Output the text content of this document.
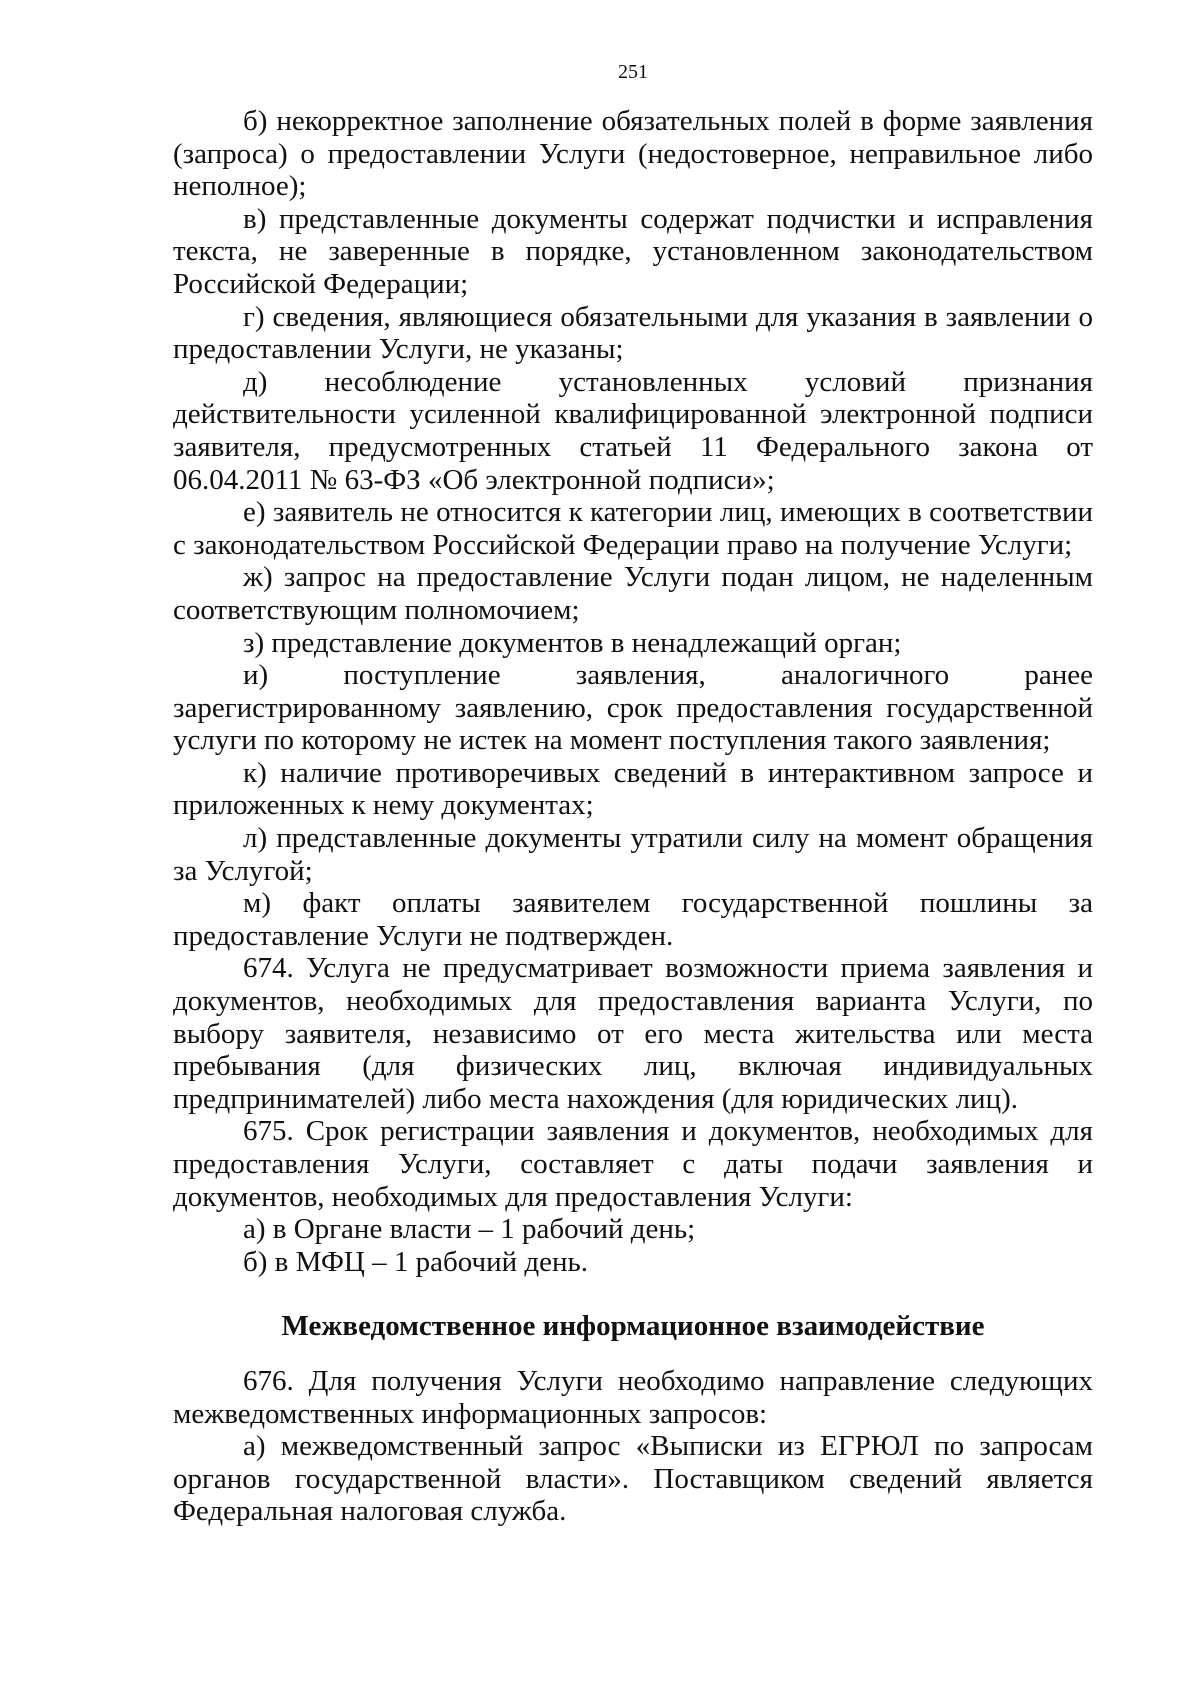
251

б) некорректное заполнение обязательных полей в форме заявления (запроса) о предоставлении Услуги (недостоверное, неправильное либо неполное);

в) представленные документы содержат подчистки и исправления текста, не заверенные в порядке, установленном законодательством Российской Федерации;

г) сведения, являющиеся обязательными для указания в заявлении о предоставлении Услуги, не указаны;

д) несоблюдение установленных условий признания действительности усиленной квалифицированной электронной подписи заявителя, предусмотренных статьей 11 Федерального закона от 06.04.2011 № 63-ФЗ «Об электронной подписи»;

е) заявитель не относится к категории лиц, имеющих в соответствии с законодательством Российской Федерации право на получение Услуги;

ж) запрос на предоставление Услуги подан лицом, не наделенным соответствующим полномочием;

з) представление документов в ненадлежащий орган;

и) поступление заявления, аналогичного ранее зарегистрированному заявлению, срок предоставления государственной услуги по которому не истек на момент поступления такого заявления;

к) наличие противоречивых сведений в интерактивном запросе и приложенных к нему документах;

л) представленные документы утратили силу на момент обращения за Услугой;

м) факт оплаты заявителем государственной пошлины за предоставление Услуги не подтвержден.

674. Услуга не предусматривает возможности приема заявления и документов, необходимых для предоставления варианта Услуги, по выбору заявителя, независимо от его места жительства или места пребывания (для физических лиц, включая индивидуальных предпринимателей) либо места нахождения (для юридических лиц).

675. Срок регистрации заявления и документов, необходимых для предоставления Услуги, составляет с даты подачи заявления и документов, необходимых для предоставления Услуги:

а) в Органе власти – 1 рабочий день;

б) в МФЦ – 1 рабочий день.

Межведомственное информационное взаимодействие

676. Для получения Услуги необходимо направление следующих межведомственных информационных запросов:

а) межведомственный запрос «Выписки из ЕГРЮЛ по запросам органов государственной власти». Поставщиком сведений является Федеральная налоговая служба.
